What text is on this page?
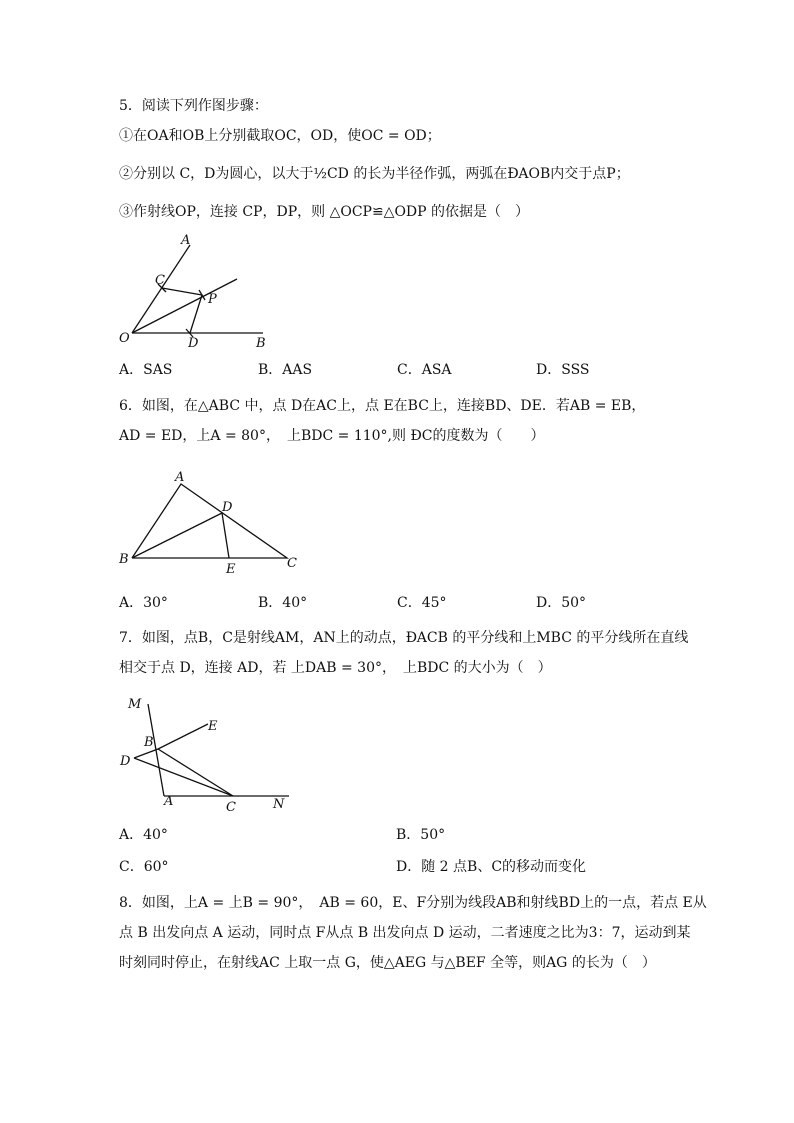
5．阅读下列作图步骤：
①在OA和OB上分别截取OC，OD，使OC = OD；
②分别以 C，D为圆心，以大于½CD 的长为半径作弧，两弧在ÐAOB内交于点P；
③作射线OP，连接 CP，DP，则 △OCP≌△ODP 的依据是（　）
A
C
P
O	D	B
A．SAS	B．AAS	C．ASA	D．SSS
6．如图，在△ABC 中，点 D在AC上，点 E在BC上，连接BD、DE．若AB = EB，
AD = ED，上A = 80°，　上BDC = 110°,则 ÐC的度数为（　　）
A
D
B
E	C
A．30°	B．40°	C．45°	D．50°
7．如图，点B，C是射线AM，AN上的动点，ÐACB 的平分线和上MBC 的平分线所在直线
相交于点 D，连接 AD，若 上DAB = 30°，　上BDC 的大小为（　）
M
E
B
D
A	C	N
A．40°	B．50°
C．60°	D．随 2 点B、C的移动而变化
8．如图，上A = 上B = 90°，　AB = 60，E、F分别为线段AB和射线BD上的一点，若点 E从
点 B 出发向点 A 运动，同时点 F从点 B 出发向点 D 运动，二者速度之比为3：7，运动到某
时刻同时停止，在射线AC 上取一点 G，使△AEG 与△BEF 全等，则AG 的长为（　）
